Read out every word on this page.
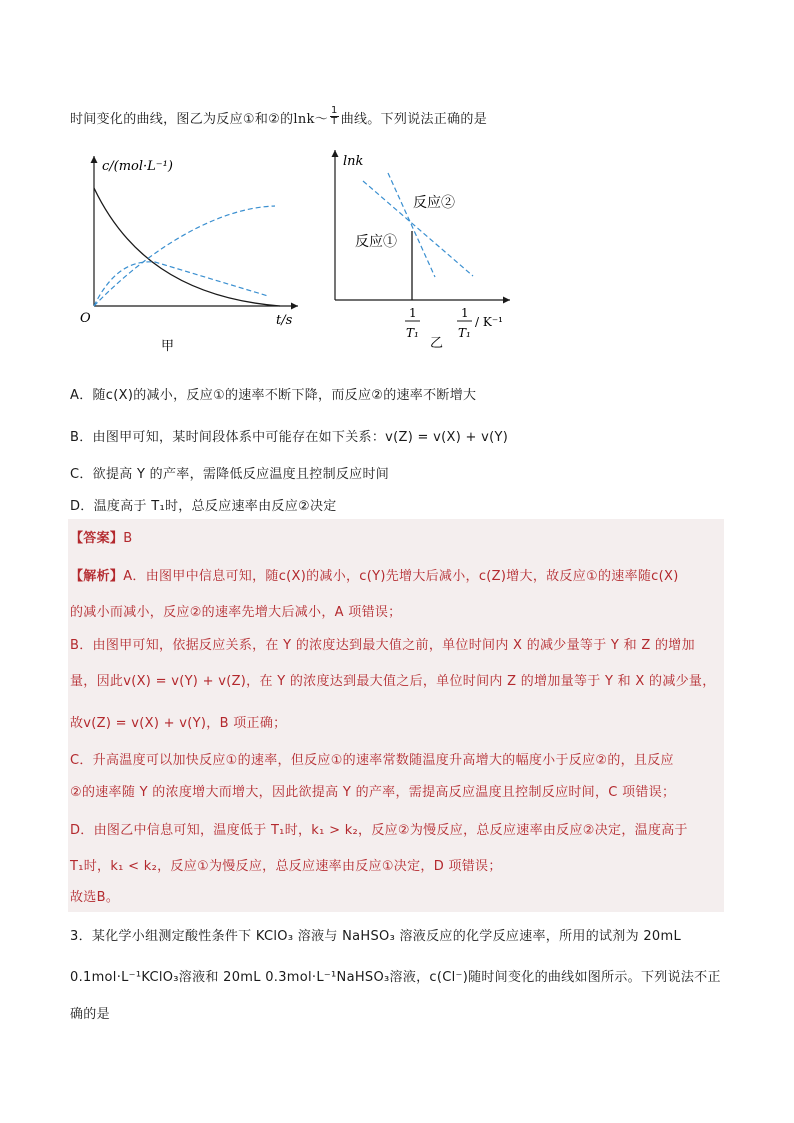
时间变化的曲线，图乙为反应①和②的lnk～ $\frac{1}{T}$ 曲线。下列说法正确的是
c/(mol·L⁻¹)
O	t/s
甲
lnk
反应②
反应①
1
T₁
1
T₁
/ K⁻¹
乙
A．随c(X)的减小，反应①的速率不断下降，而反应②的速率不断增大
B．由图甲可知，某时间段体系中可能存在如下关系：v(Z) = v(X) + v(Y)
C．欲提高 Y 的产率，需降低反应温度且控制反应时间
D．温度高于 T₁时，总反应速率由反应②决定
【答案】B
【解析】A．由图甲中信息可知，随c(X)的减小，c(Y)先增大后减小，c(Z)增大，故反应①的速率随c(X)
的减小而减小，反应②的速率先增大后减小，A 项错误；
B．由图甲可知，依据反应关系，在 Y 的浓度达到最大值之前，单位时间内 X 的减少量等于 Y 和 Z 的增加
量，因此v(X) = v(Y) + v(Z)，在 Y 的浓度达到最大值之后，单位时间内 Z 的增加量等于 Y 和 X 的减少量，
故v(Z) = v(X) + v(Y)，B 项正确；
C．升高温度可以加快反应①的速率，但反应①的速率常数随温度升高增大的幅度小于反应②的，且反应
②的速率随 Y 的浓度增大而增大，因此欲提高 Y 的产率，需提高反应温度且控制反应时间，C 项错误；
D．由图乙中信息可知，温度低于 T₁时，k₁ > k₂，反应②为慢反应，总反应速率由反应②决定，温度高于
T₁时，k₁ < k₂，反应①为慢反应，总反应速率由反应①决定，D 项错误；
故选B。
3．某化学小组测定酸性条件下 KClO₃ 溶液与 NaHSO₃ 溶液反应的化学反应速率，所用的试剂为 20mL
0.1mol·L⁻¹KClO₃溶液和 20mL 0.3mol·L⁻¹NaHSO₃溶液，c(Cl⁻)随时间变化的曲线如图所示。下列说法不正
确的是
